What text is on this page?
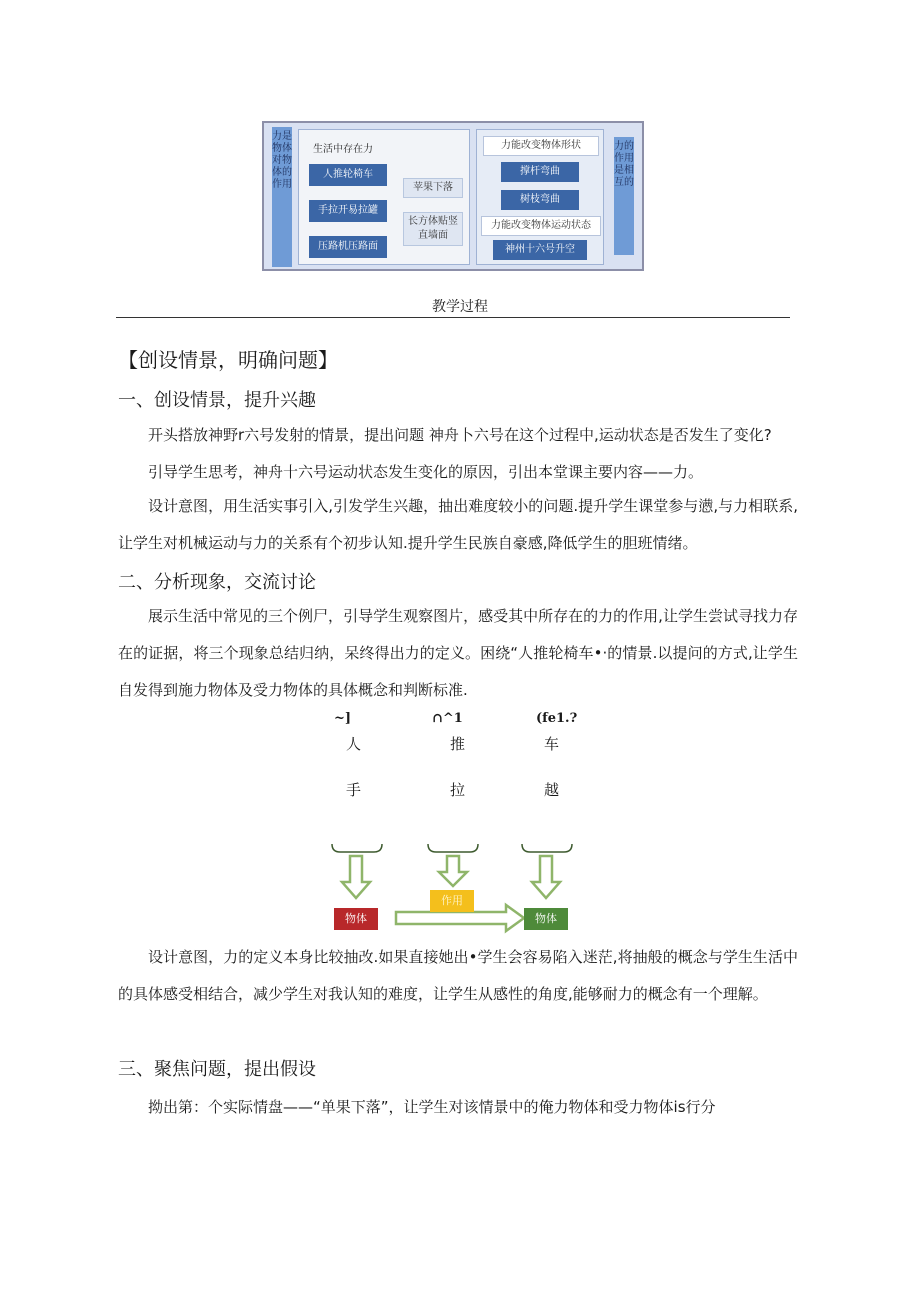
力是物体对物体的作用
生活中存在力
人推轮椅车
手拉开易拉罐
压路机压路面
苹果下落
长方体贴竖直墙面
力能改变物体形状
撑杆弯曲
树枝弯曲
力能改变物体运动状态
神州十六号升空
力的作用是相互的
教学过程
【创设情景，明确问题】
一、创设情景，提升兴趣
开头搭放神野r六号发射的情景，提出问题 神舟卜六号在这个过程中,运动状态是否发生了变化?
引导学生思考，神舟十六号运动状态发生变化的原因，引出本堂课主要内容——力。
设计意图，用生活实事引入,引发学生兴趣，抽出难度较小的问题.提升学生课堂参与懑,与力相联系,让学生对机械运动与力的关系有个初步认知.提升学生民族自豪感,降低学生的胆班情绪。
二、分析现象，交流讨论
展示生活中常见的三个例尸，引导学生观察图片，感受其中所存在的力的作用,让学生尝试寻找力存在的证据，将三个现象总结归纳，呆终得出力的定义。困绕“人推轮椅车•·的情景.以提问的方式,让学生自发得到施力物体及受力物体的具体概念和判断标准.
~]	∩^1	(fe1.?
人	推	车
手	拉	越
物体
作用
物体
设计意图，力的定义本身比较抽改.如果直接她出•学生会容易陷入迷茫,将抽般的概念与学生生活中的具体感受相结合，减少学生对我认知的难度，让学生从感性的角度,能够耐力的概念有一个理解。
三、聚焦问题，提出假设
拗出第：个实际情盘——“单果下落”，让学生对该情景中的俺力物体和受力物体is行分
